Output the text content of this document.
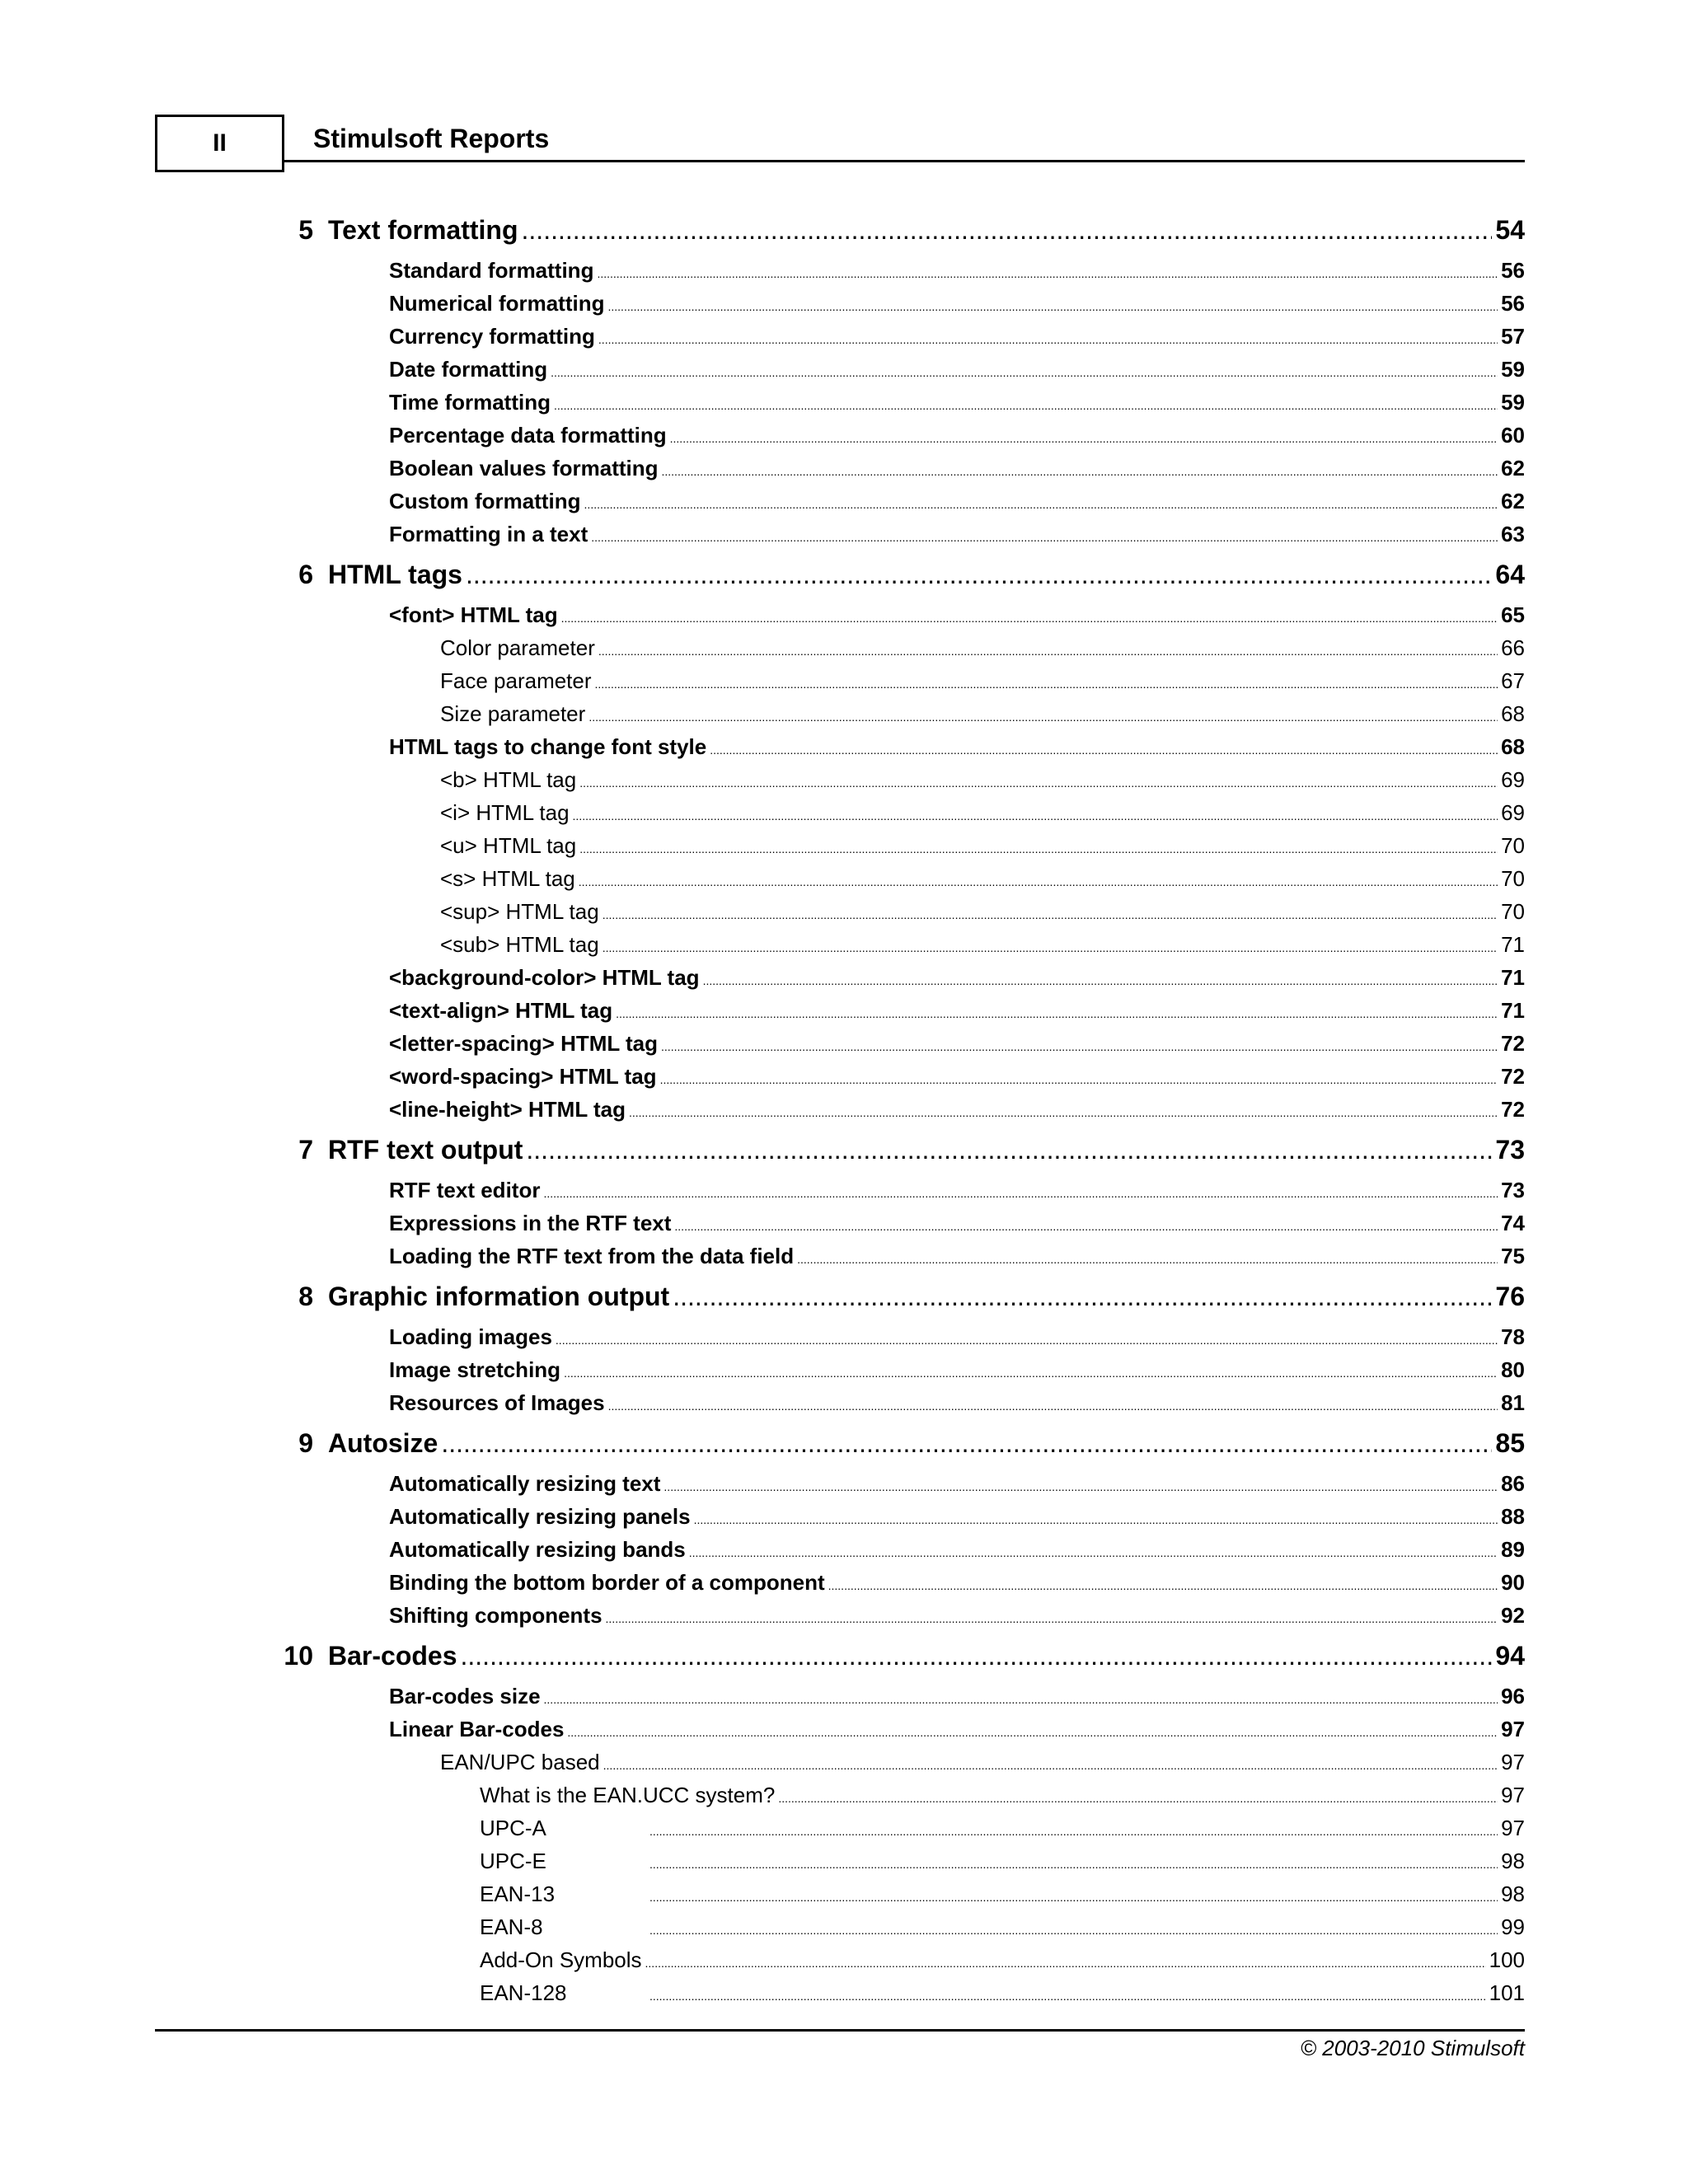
II	Stimulsoft Reports
5 Text formatting .....	54
Standard formatting .....	56
Numerical formatting .....	56
Currency formatting .....	57
Date formatting .....	59
Time formatting .....	59
Percentage data formatting .....	60
Boolean values formatting .....	62
Custom formatting .....	62
Formatting in a text .....	63
6 HTML tags .....	64
<font> HTML tag .....	65
Color parameter .....	66
Face parameter .....	67
Size parameter .....	68
HTML tags to change font style .....	68
<b> HTML tag .....	69
<i> HTML tag .....	69
<u> HTML tag .....	70
<s> HTML tag .....	70
<sup> HTML tag .....	70
<sub> HTML tag .....	71
<background-color> HTML tag .....	71
<text-align> HTML tag .....	71
<letter-spacing> HTML tag .....	72
<word-spacing> HTML tag .....	72
<line-height> HTML tag .....	72
7 RTF text output .....	73
RTF text editor .....	73
Expressions in the RTF text .....	74
Loading the RTF text from the data field .....	75
8 Graphic information output .....	76
Loading images .....	78
Image stretching .....	80
Resources of Images .....	81
9 Autosize .....	85
Automatically resizing text .....	86
Automatically resizing panels .....	88
Automatically resizing bands .....	89
Binding the bottom border of a component .....	90
Shifting components .....	92
10 Bar-codes .....	94
Bar-codes size .....	96
Linear Bar-codes .....	97
EAN/UPC based .....	97
What is the EAN.UCC system? .....	97
UPC-A .....	97
UPC-E .....	98
EAN-13 .....	98
EAN-8 .....	99
Add-On Symbols .....	100
EAN-128 .....	101
© 2003-2010 Stimulsoft
